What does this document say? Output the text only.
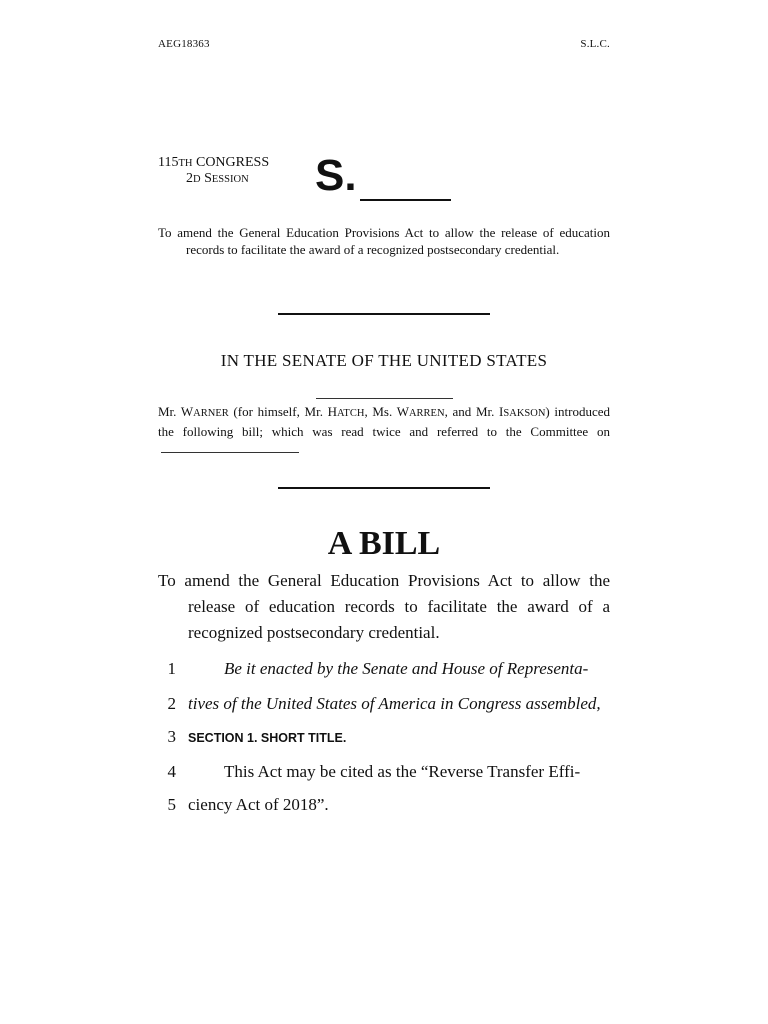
AEG18363	S.L.C.
115TH CONGRESS
2D SESSION S.
To amend the General Education Provisions Act to allow the release of education records to facilitate the award of a recognized postsecondary credential.
IN THE SENATE OF THE UNITED STATES
Mr. WARNER (for himself, Mr. HATCH, Ms. WARREN, and Mr. ISAKSON) introduced the following bill; which was read twice and referred to the Committee on
A BILL
To amend the General Education Provisions Act to allow the release of education records to facilitate the award of a recognized postsecondary credential.
1	Be it enacted by the Senate and House of Representa-
2 tives of the United States of America in Congress assembled,
3 SECTION 1. SHORT TITLE.
4	This Act may be cited as the “Reverse Transfer Effi-
5 ciency Act of 2018”.
